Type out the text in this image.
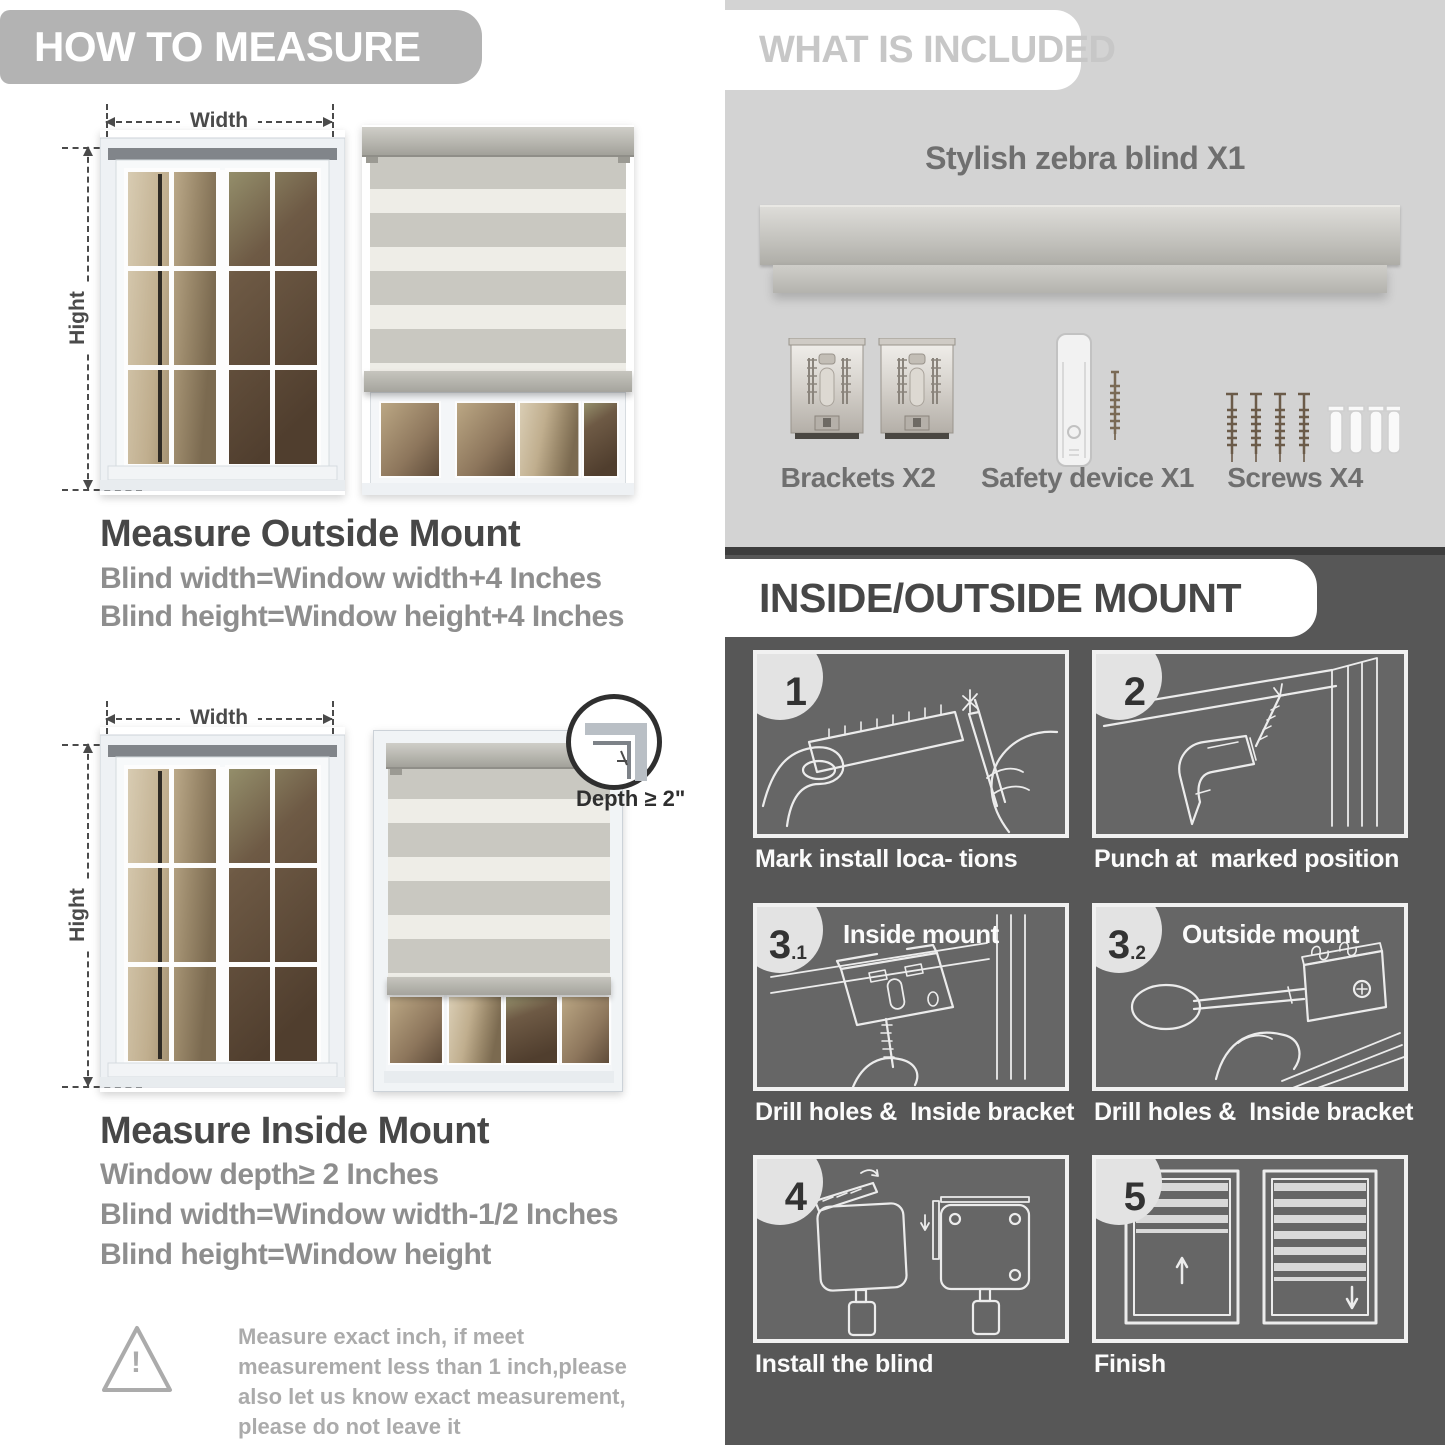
HOW TO MEASURE
Width
Hight
Measure Outside Mount
Blind width=Window width+4 Inches
Blind height=Window height+4 Inches
Width
Hight
Depth ≥ 2"
Measure Inside Mount
Window depth≥ 2 Inches
Blind width=Window width-1/2 Inches
Blind height=Window height
!
Measure exact inch, if meet measurement less than 1 inch,please also let us know exact measurement, please do not leave it
WHAT IS INCLUDED
Stylish zebra blind X1
Brackets X2	Safety device X1	Screws X4
INSIDE/OUTSIDE MOUNT
1
Mark install loca- tions
2
Punch at  marked position
3 .1
Inside mount
Drill holes &  Inside bracket
3 .2
Outside mount
Drill holes &  Inside bracket
4
Install the blind
5
Finish
